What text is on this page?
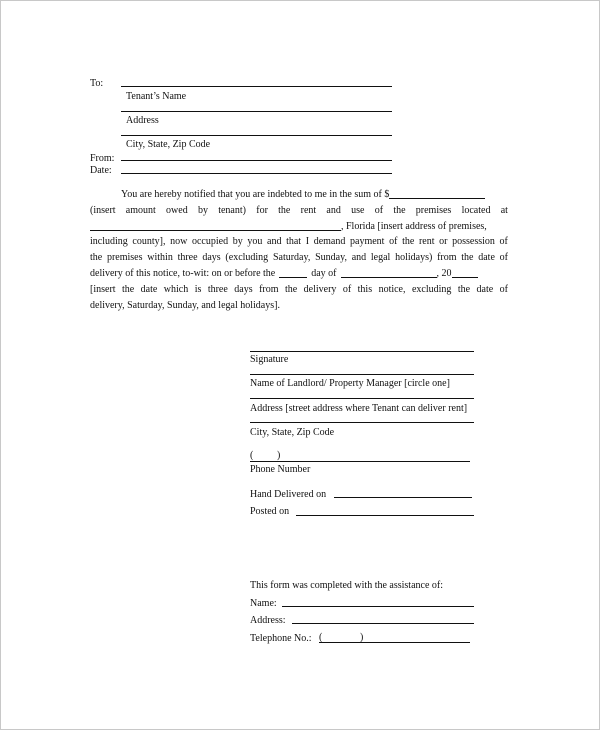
To:
Tenant’s Name
Address
City, State, Zip Code
From:
Date:
You are hereby notified that you are indebted to me in the sum of $
(insert amount owed by tenant) for the rent and use of the premises located at
, Florida [insert address of premises,
including county], now occupied by you and that I demand payment of the rent or possession of
the premises within three days (excluding Saturday, Sunday, and legal holidays) from the date of
delivery of this notice, to-wit: on or before the	day of	, 20
[insert the date which is three days from the delivery of this notice, excluding the date of
delivery, Saturday, Sunday, and legal holidays].
Signature
Name of Landlord/ Property Manager [circle one]
Address [street address where Tenant can deliver rent]
City, State, Zip Code
( )
Phone Number
Hand Delivered on
Posted on
This form was completed with the assistance of:
Name:
Address:
Telephone No.: (	)
